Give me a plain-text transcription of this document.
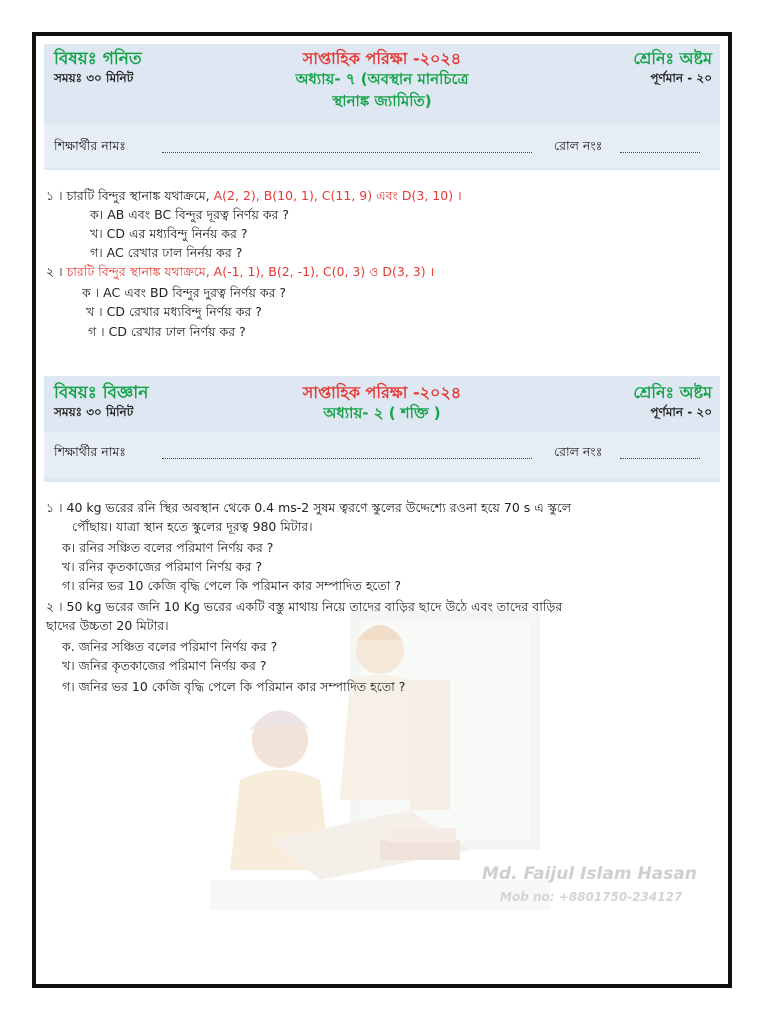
বিষয়ঃ গনিত
সময়ঃ ৩০ মিনিট
সাপ্তাহিক পরিক্ষা -২০২৪
অধ্যায়- ৭ (অবস্থান মানচিত্রে
স্থানাঙ্ক জ্যামিতি)
শ্রেনিঃ অষ্টম
পূর্ণমান - ২০
শিক্ষার্থীর নামঃ	রোল নংঃ
১ । চারটি বিন্দুর স্থানাঙ্ক যথাক্রমে, A(2, 2), B(10, 1), C(11, 9) এবং D(3, 10) ।
ক। AB এবং BC বিন্দুর দূরত্ব নির্ণয় কর ?
খ। CD এর মধ্যবিন্দু নির্নয় কর ?
গ। AC রেখার ঢাল নির্নয় কর ?
২ । চারটি বিন্দুর স্থানাঙ্ক যথাক্রমে, A(-1, 1), B(2, -1), C(0, 3) ও D(3, 3) ।
ক । AC এবং BD বিন্দুর দুরত্ব নির্ণয় কর ?
খ । CD রেখার মধ্যবিন্দু নির্ণয় কর ?
গ । CD রেখার ঢাল নির্ণয় কর ?
বিষয়ঃ বিজ্ঞান
সময়ঃ ৩০ মিনিট
সাপ্তাহিক পরিক্ষা -২০২৪
অধ্যায়- ২ ( শক্তি )
শ্রেনিঃ অষ্টম
পূর্ণমান - ২০
শিক্ষার্থীর নামঃ	রোল নংঃ
Md. Faijul Islam Hasan
Mob no: +8801750-234127
১ । 40 kg ভরের রনি স্থির অবস্থান থেকে 0.4 ms-2 সুষম ত্বরণে স্কুলের উদ্দেশ্যে রওনা হয়ে 70 s এ স্কুলে
পৌঁছায়। যাত্রা স্থান হতে স্কুলের দূরত্ব 980 মিটার।
ক। রনির সঞ্চিত বলের পরিমাণ নির্ণয় কর ?
খ। রনির কৃতকাজের পরিমাণ নির্ণয় কর ?
গ। রনির ভর 10 কেজি বৃদ্ধি পেলে কি পরিমান কার সম্পাদিত হতো ?
২ । 50 kg ভরের জনি 10 Kg ভরের একটি বস্তু মাথায় নিয়ে তাদের বাড়ির ছাদে উঠে এবং তাদের বাড়ির
ছাদের উচ্চতা 20 মিটার।
ক. জনির সঞ্চিত বলের পরিমাণ নির্ণয় কর ?
খ। জনির কৃতকাজের পরিমাণ নির্ণয় কর ?
গ। জনির ভর 10 কেজি বৃদ্ধি পেলে কি পরিমান কার সম্পাদিত হতো ?
